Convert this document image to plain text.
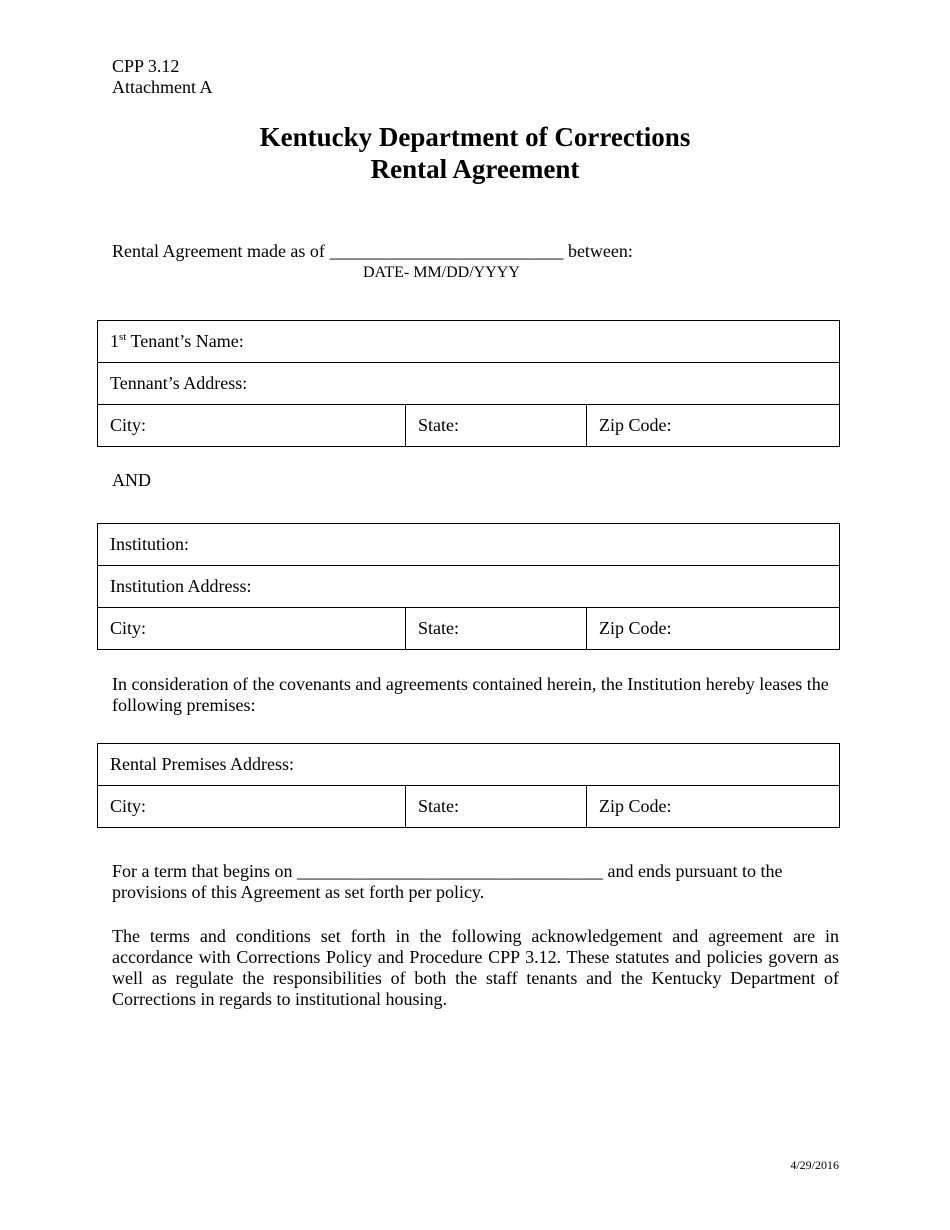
CPP 3.12
Attachment A
Kentucky Department of Corrections
Rental Agreement
Rental Agreement made as of __________________________ between:
DATE- MM/DD/YYYY
1st Tenant’s Name:
Tennant’s Address:
City:	State:	Zip Code:
AND
Institution:
Institution Address:
City:	State:	Zip Code:
In consideration of the covenants and agreements contained herein, the Institution hereby leases the following premises:
Rental Premises Address:
City:	State:	Zip Code:
For a term that begins on __________________________________ and ends pursuant to the
provisions of this Agreement as set forth per policy.
The terms and conditions set forth in the following acknowledgement and agreement are in accordance with Corrections Policy and Procedure CPP 3.12. These statutes and policies govern as well as regulate the responsibilities of both the staff tenants and the Kentucky Department of Corrections in regards to institutional housing.
4/29/2016
